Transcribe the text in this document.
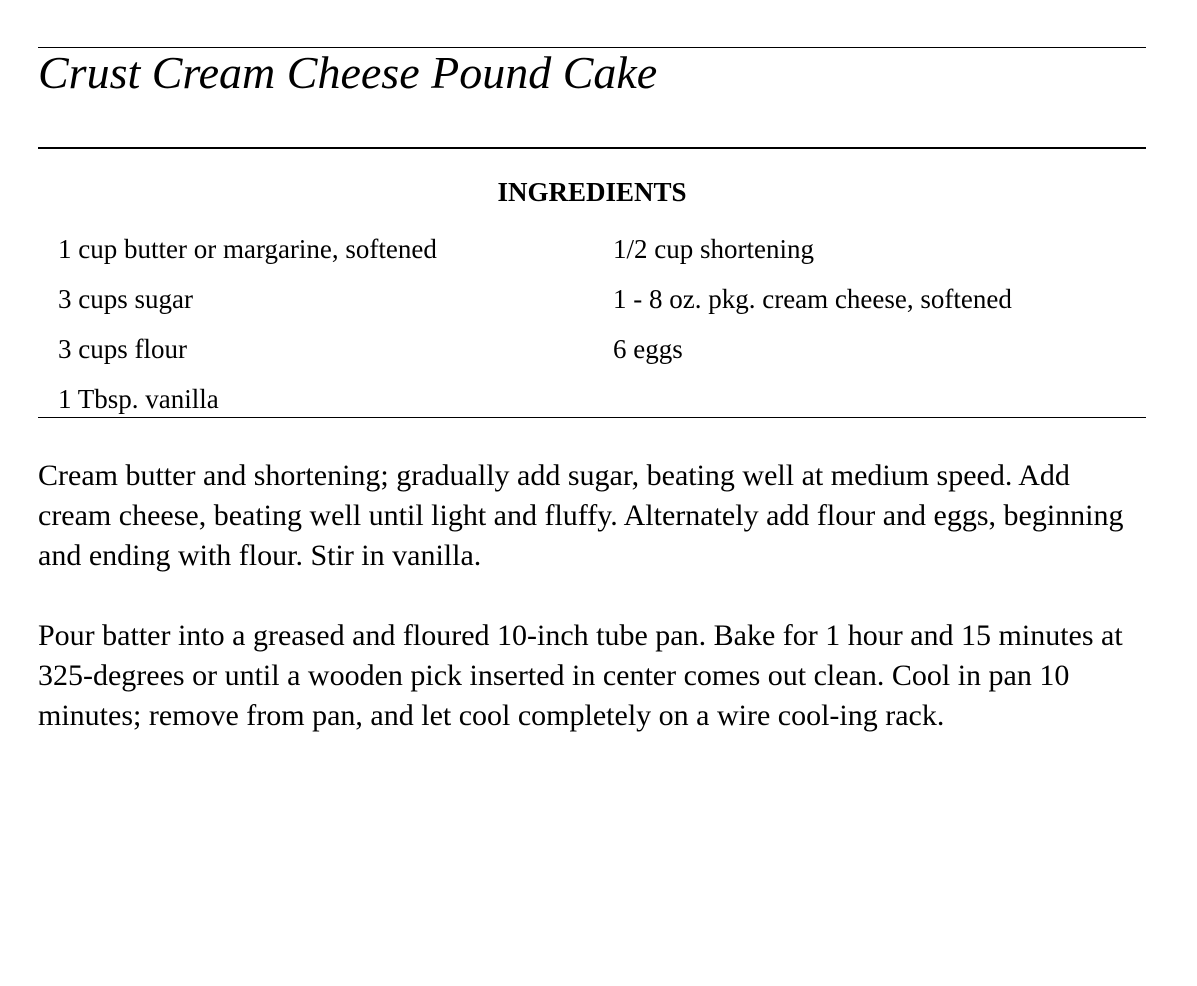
Crust Cream Cheese Pound Cake
INGREDIENTS
1 cup butter or margarine, softened
3 cups sugar
3 cups flour
1 Tbsp. vanilla
1/2 cup shortening
1 - 8 oz. pkg. cream cheese, softened
6 eggs

Cream butter and shortening; gradually add sugar, beating well at medium speed. Add cream cheese, beating well until light and fluffy. Alternately add flour and eggs, beginning and ending with flour. Stir in vanilla.

Pour batter into a greased and floured 10-inch tube pan. Bake for 1 hour and 15 minutes at 325-degrees or until a wooden pick inserted in center comes out clean. Cool in pan 10 minutes; remove from pan, and let cool completely on a wire cool-ing rack.
